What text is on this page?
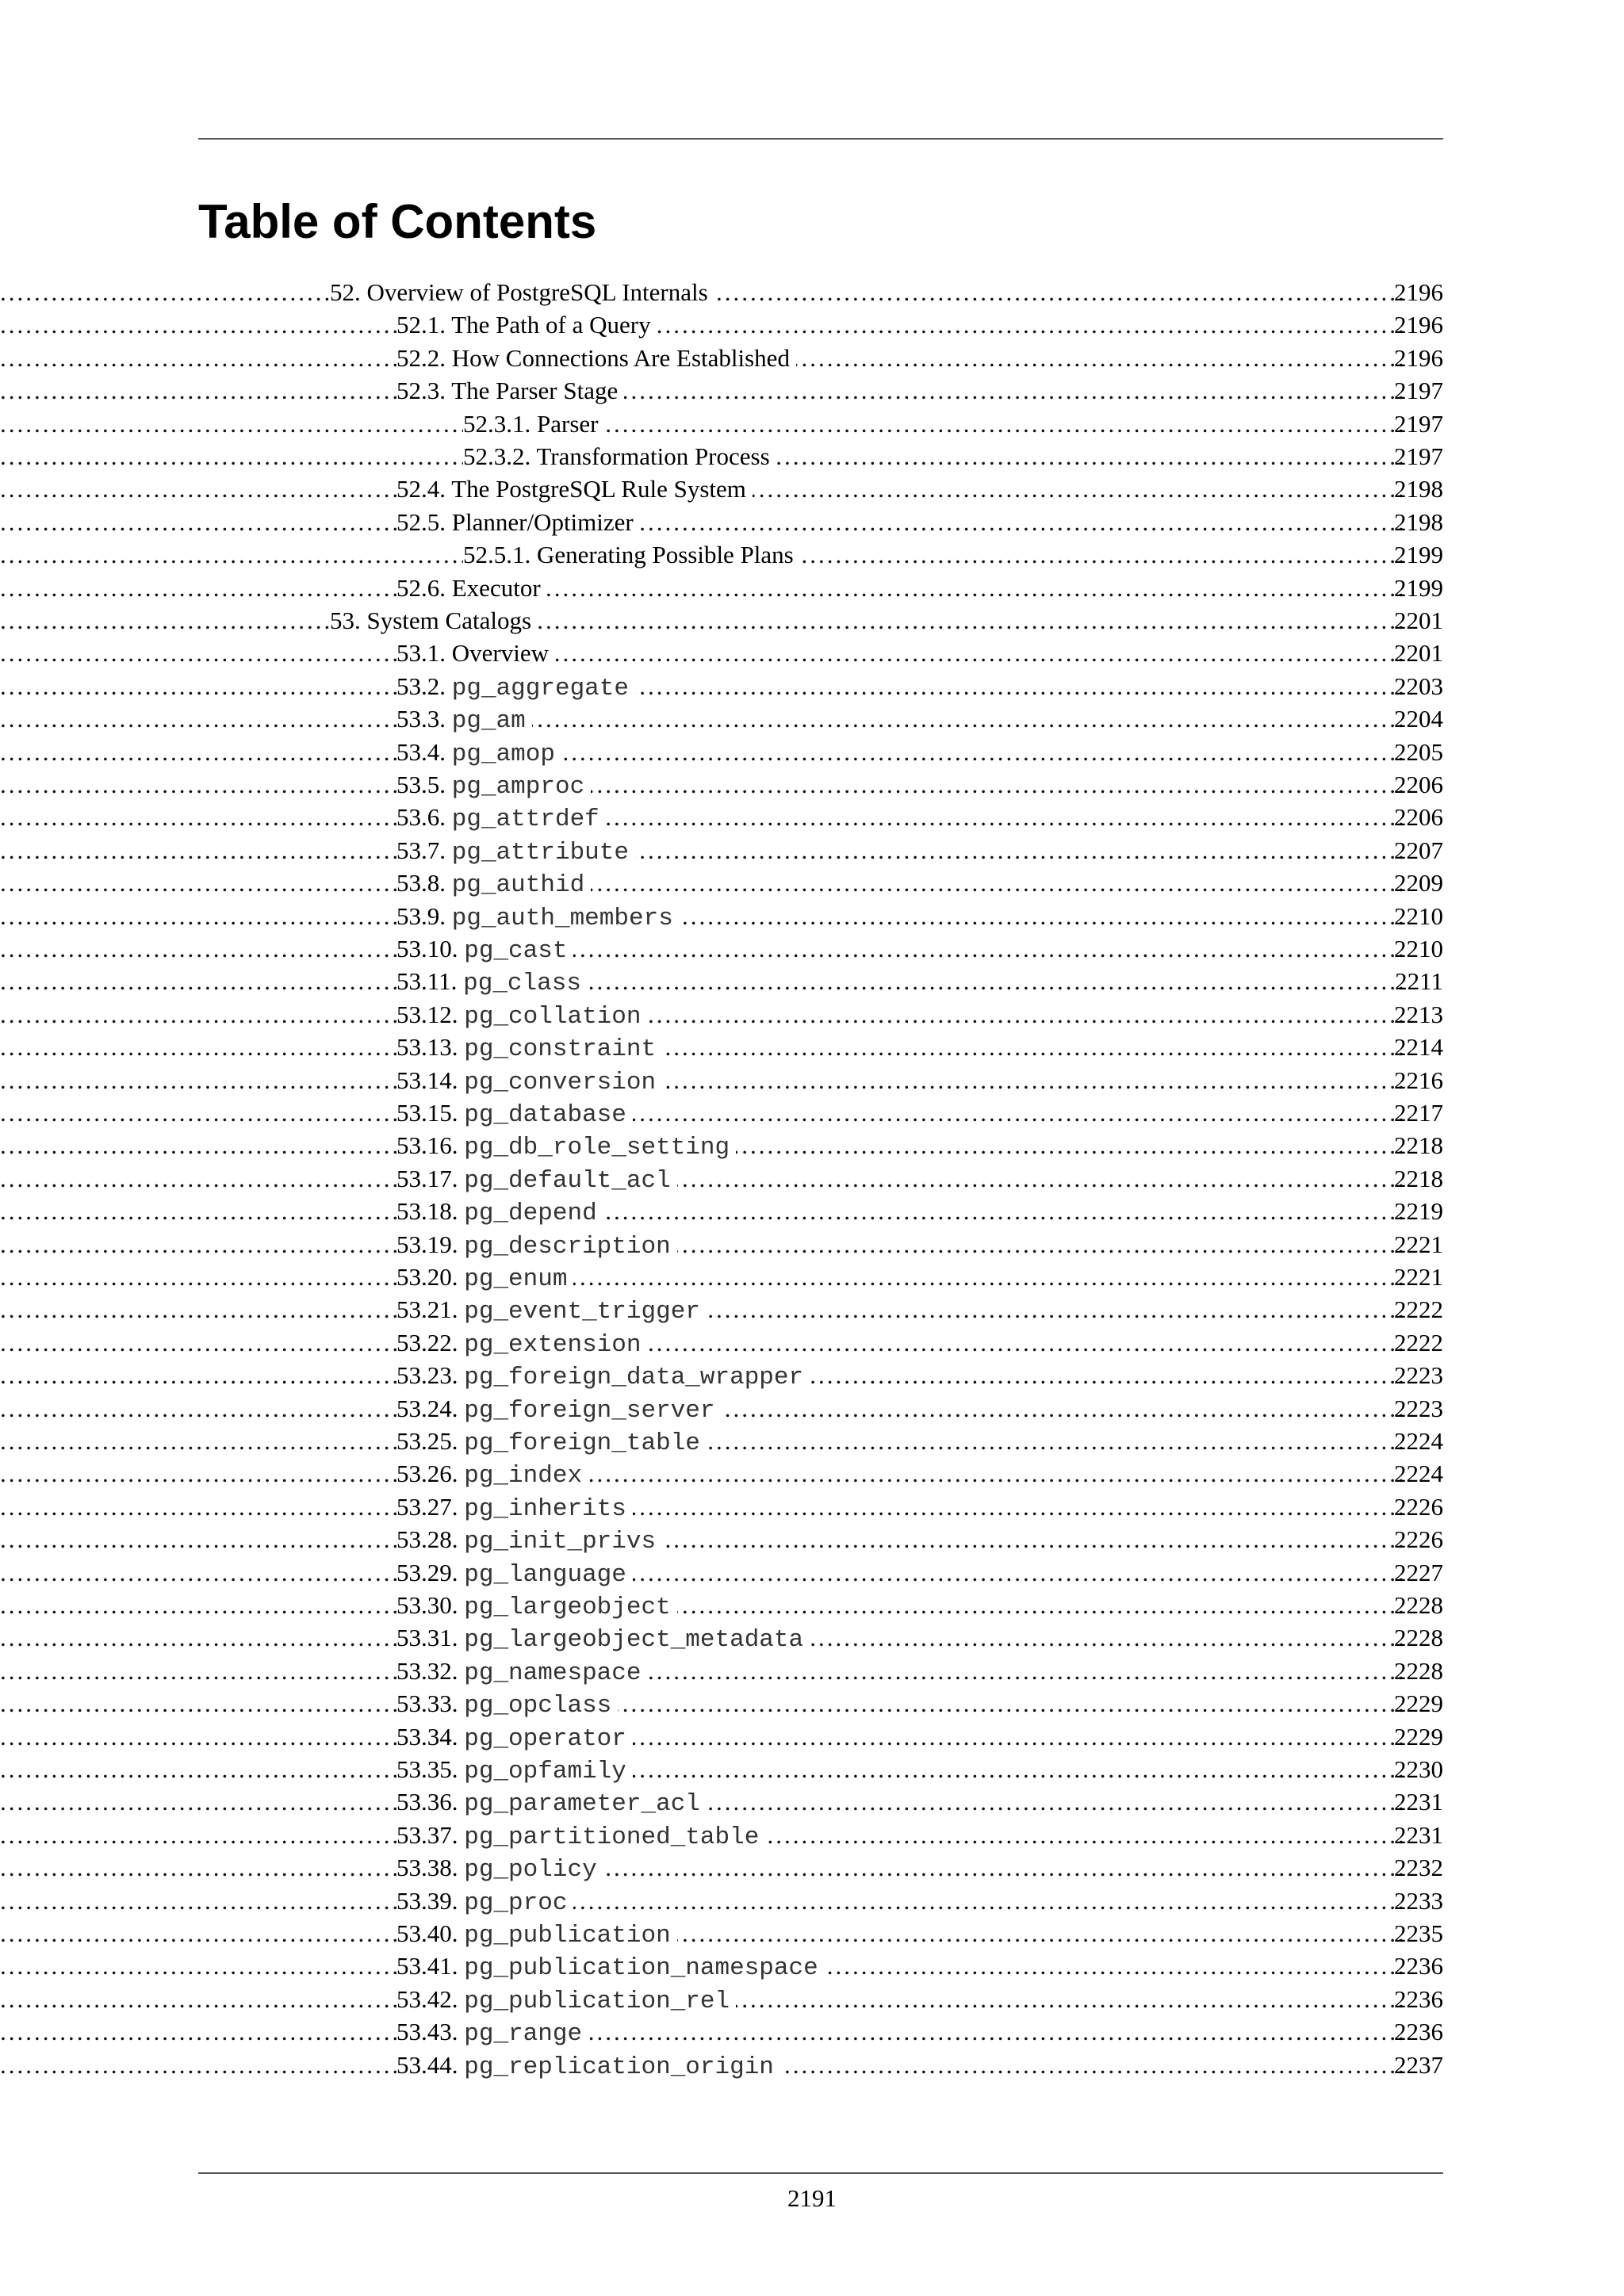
Table of Contents
.....
52. Overview of PostgreSQL Internals	2196
.....
52.1. The Path of a Query	2196
.....
52.2. How Connections Are Established	2196
.....
52.3. The Parser Stage	2197
.....
52.3.1. Parser	2197
.....
52.3.2. Transformation Process	2197
.....
52.4. The PostgreSQL Rule System	2198
.....
52.5. Planner/Optimizer	2198
.....
52.5.1. Generating Possible Plans	2199
.....
52.6. Executor	2199
.....
53. System Catalogs	2201
.....
53.1. Overview	2201
.....
53.2. pg_aggregate	2203
.....
53.3. pg_am	2204
.....
53.4. pg_amop	2205
.....
53.5. pg_amproc	2206
.....
53.6. pg_attrdef	2206
.....
53.7. pg_attribute	2207
.....
53.8. pg_authid	2209
.....
53.9. pg_auth_members	2210
.....
53.10. pg_cast	2210
.....
53.11. pg_class	2211
.....
53.12. pg_collation	2213
.....
53.13. pg_constraint	2214
.....
53.14. pg_conversion	2216
.....
53.15. pg_database	2217
.....
53.16. pg_db_role_setting	2218
.....
53.17. pg_default_acl	2218
.....
53.18. pg_depend	2219
.....
53.19. pg_description	2221
.....
53.20. pg_enum	2221
.....
53.21. pg_event_trigger	2222
.....
53.22. pg_extension	2222
.....
53.23. pg_foreign_data_wrapper	2223
.....
53.24. pg_foreign_server	2223
.....
53.25. pg_foreign_table	2224
.....
53.26. pg_index	2224
.....
53.27. pg_inherits	2226
.....
53.28. pg_init_privs	2226
.....
53.29. pg_language	2227
.....
53.30. pg_largeobject	2228
.....
53.31. pg_largeobject_metadata	2228
.....
53.32. pg_namespace	2228
.....
53.33. pg_opclass	2229
.....
53.34. pg_operator	2229
.....
53.35. pg_opfamily	2230
.....
53.36. pg_parameter_acl	2231
.....
53.37. pg_partitioned_table	2231
.....
53.38. pg_policy	2232
.....
53.39. pg_proc	2233
.....
53.40. pg_publication	2235
.....
53.41. pg_publication_namespace	2236
.....
53.42. pg_publication_rel	2236
.....
53.43. pg_range	2236
.....
53.44. pg_replication_origin	2237
2191
